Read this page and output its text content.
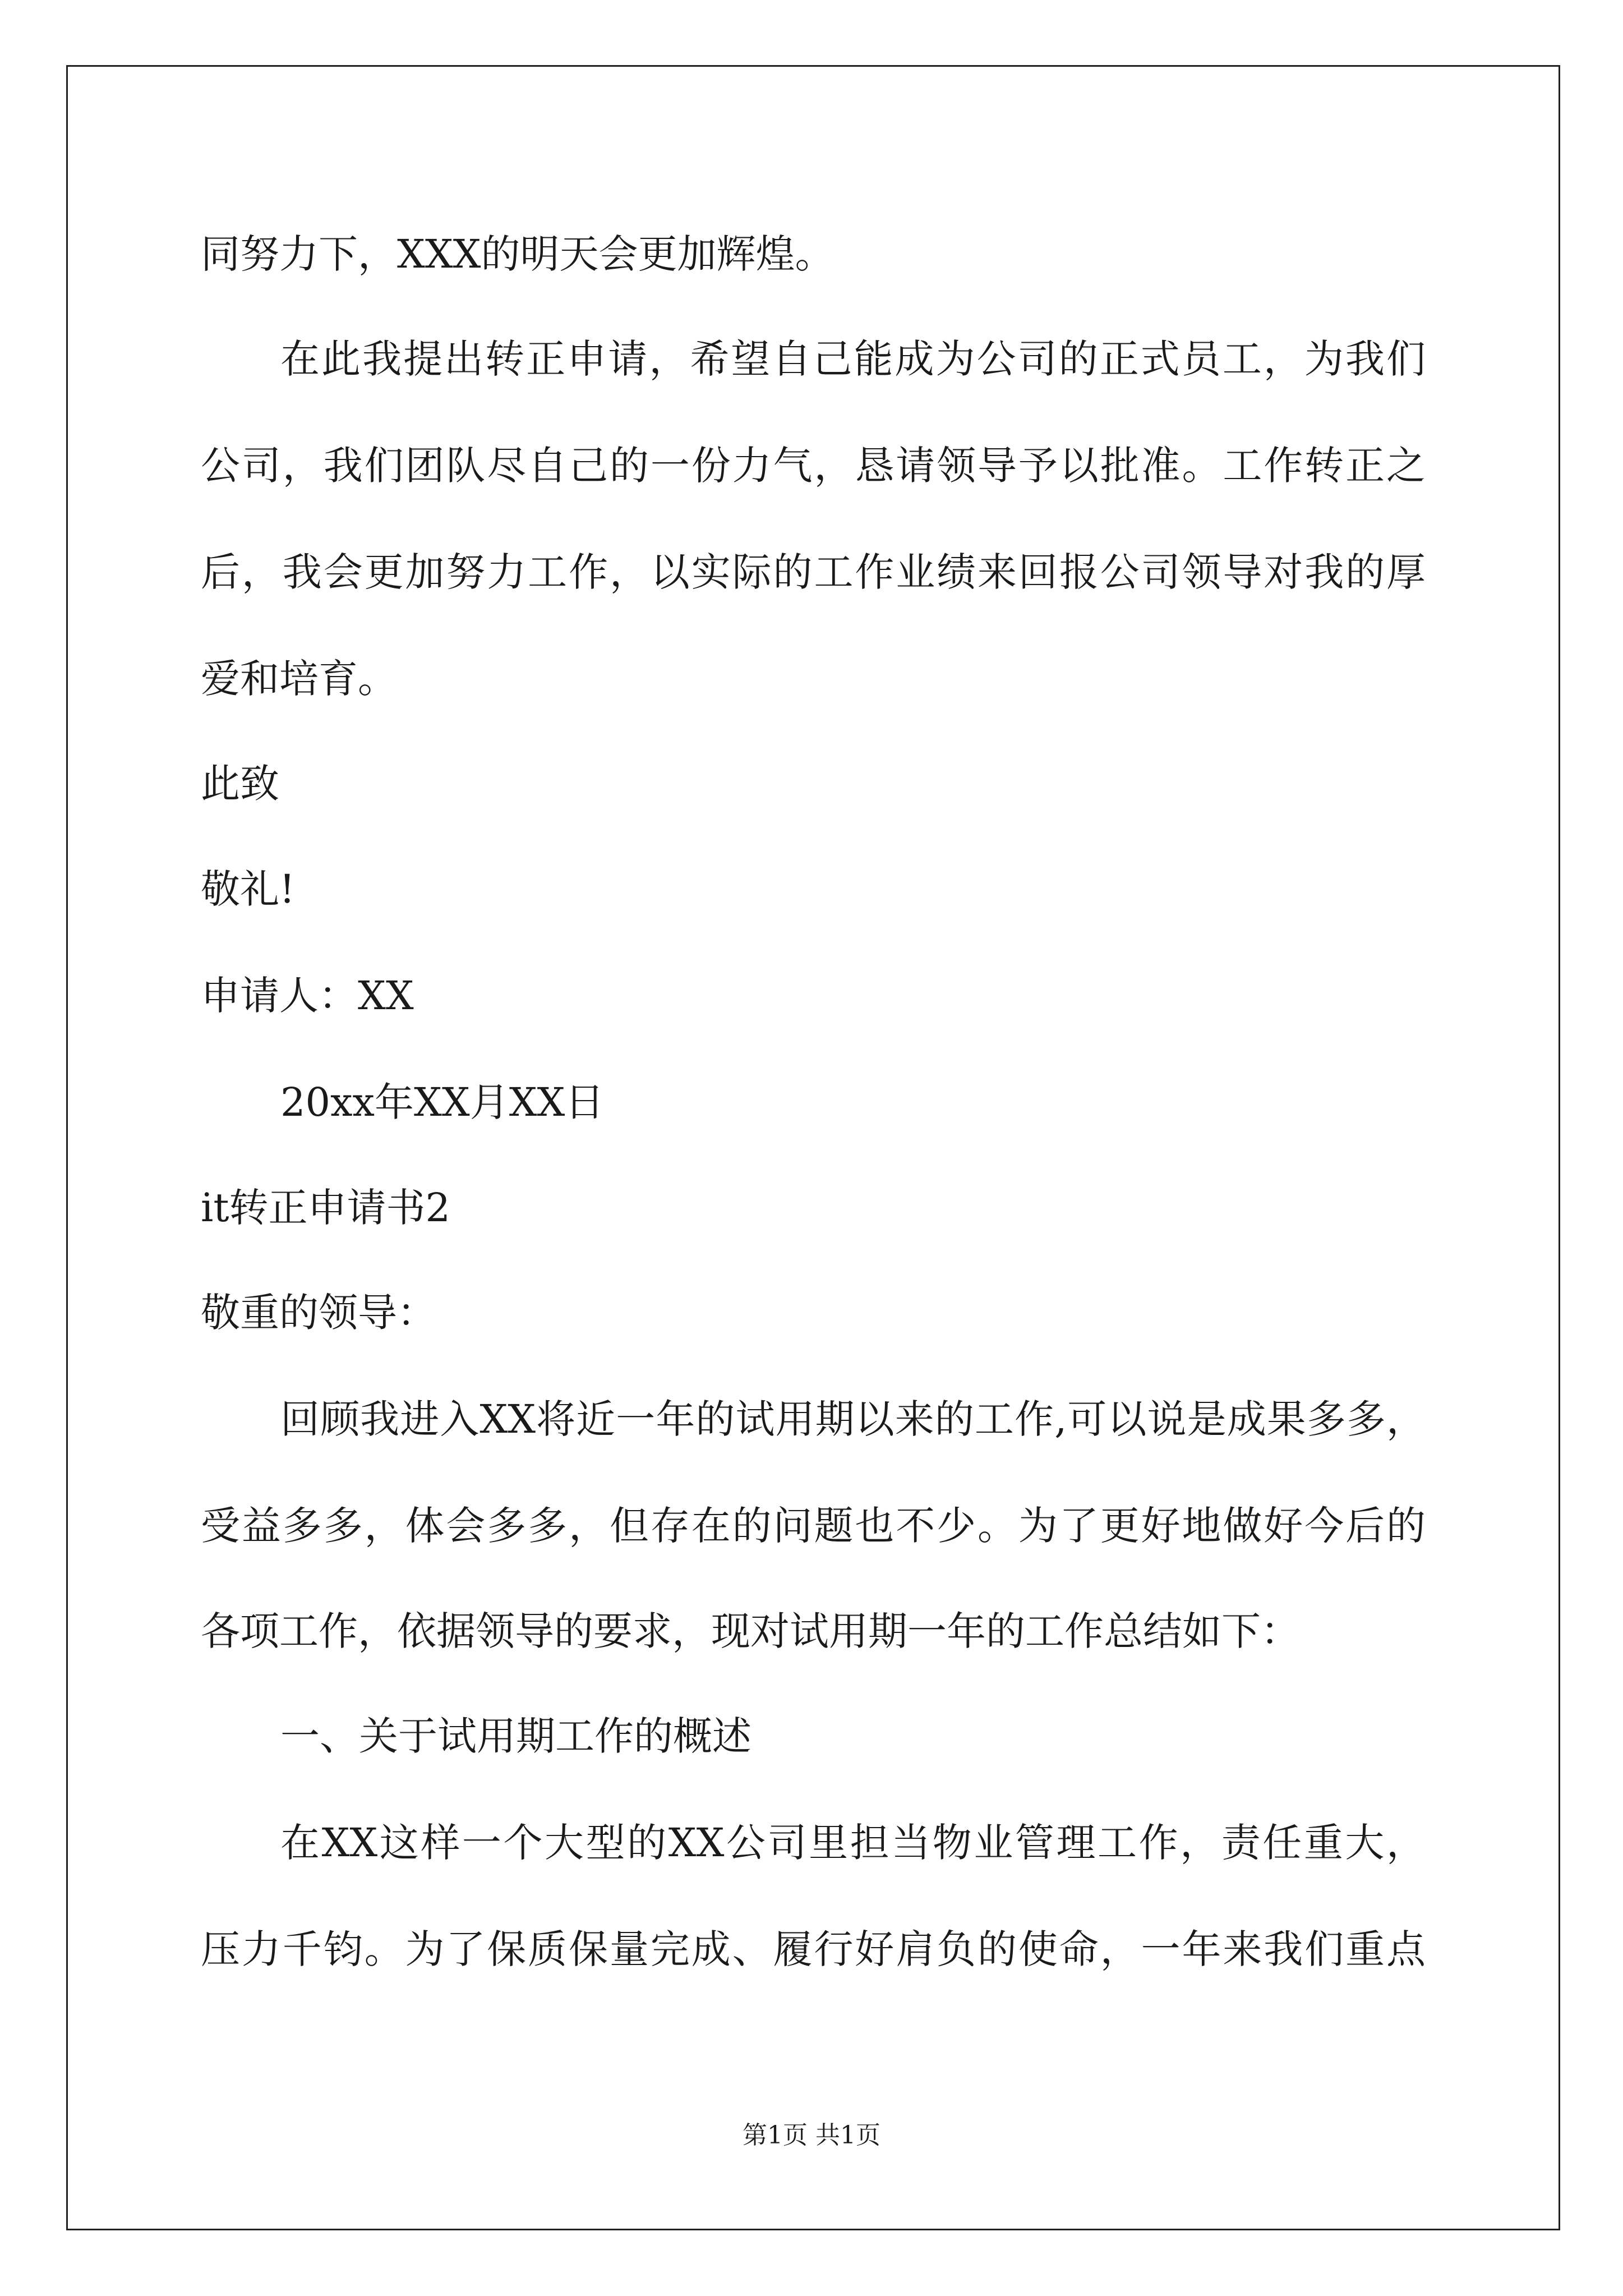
同努力下，XXX的明天会更加辉煌。
在此我提出转正申请，希望自己能成为公司的正式员工，为我们
公司，我们团队尽自己的一份力气，恳请领导予以批准。工作转正之
后，我会更加努力工作，以实际的工作业绩来回报公司领导对我的厚
爱和培育。
此致
敬礼!
申请人：XX
20xx年XX月XX日
it转正申请书2
敬重的领导：
回顾我进入XX将近一年的试用期以来的工作,可以说是成果多多，
受益多多，体会多多，但存在的问题也不少。为了更好地做好今后的
各项工作，依据领导的要求，现对试用期一年的工作总结如下：
一、关于试用期工作的概述
在XX这样一个大型的XX公司里担当物业管理工作，责任重大，
压力千钧。为了保质保量完成、履行好肩负的使命，一年来我们重点
第1页 共1页
